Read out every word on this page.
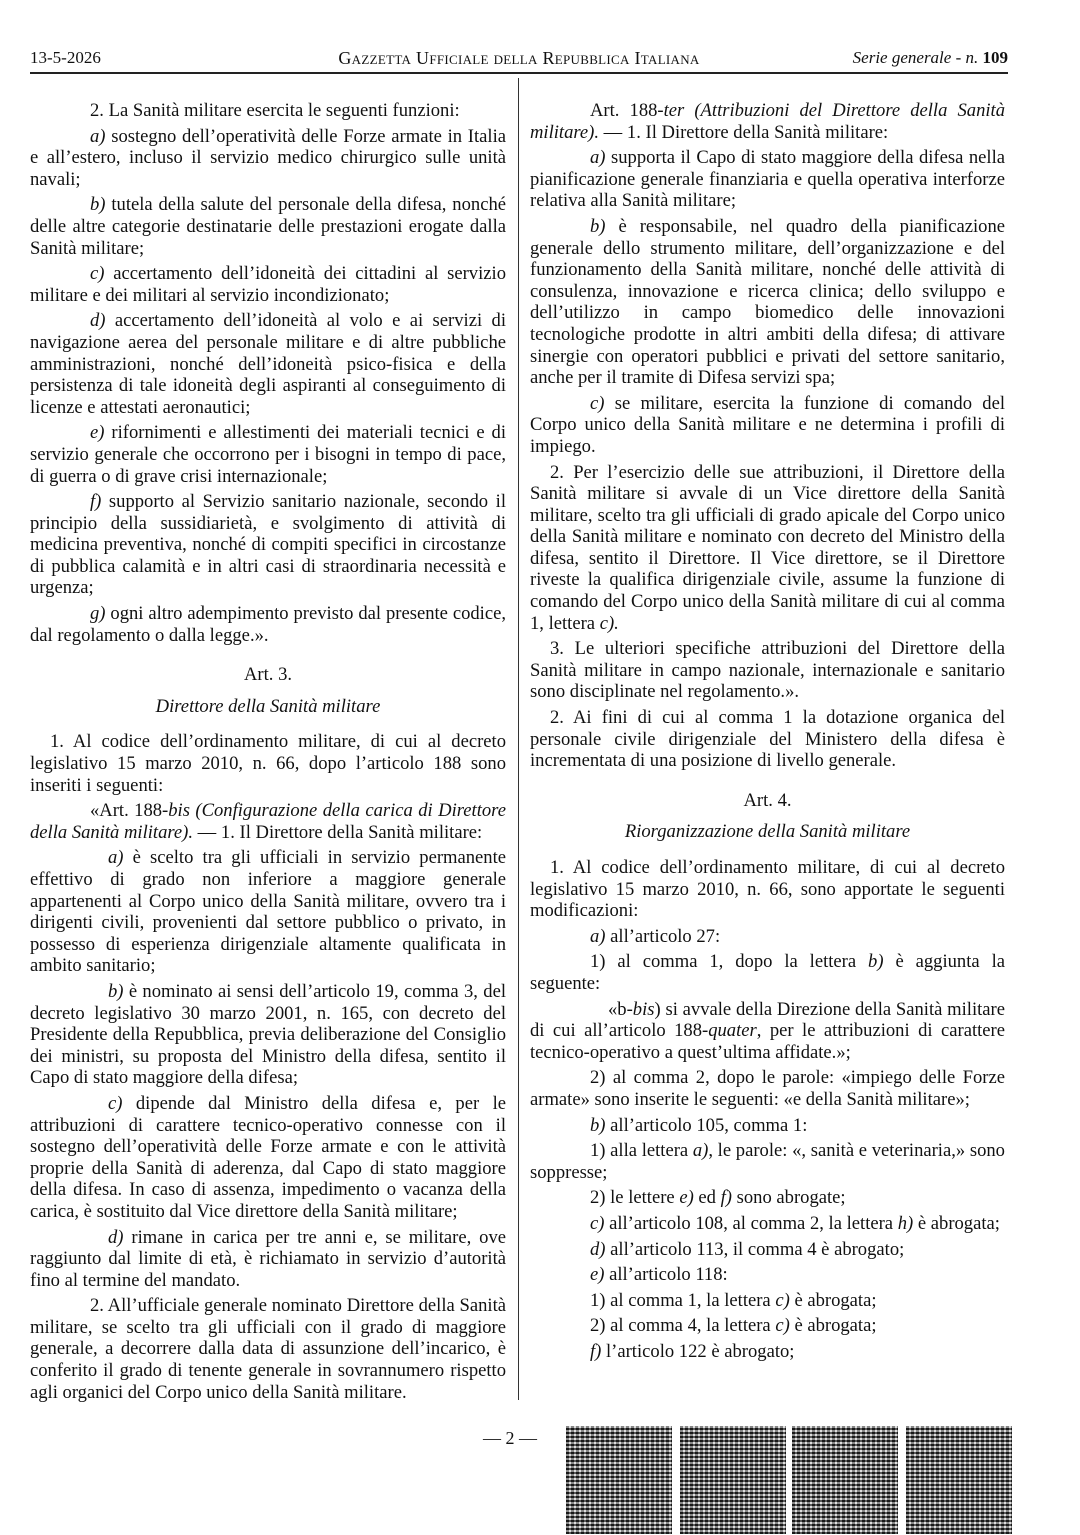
13-5-2026	Gazzetta Ufficiale della Repubblica Italiana	Serie generale - n. 109

2. La Sanità militare esercita le seguenti funzioni:

a) sostegno dell’operatività delle Forze armate in Italia e all’estero, incluso il servizio medico chirurgico sulle unità navali;

b) tutela della salute del personale della difesa, nonché delle altre categorie destinatarie delle prestazioni erogate dalla Sanità militare;

c) accertamento dell’idoneità dei cittadini al servizio militare e dei militari al servizio incondizionato;

d) accertamento dell’idoneità al volo e ai servizi di navigazione aerea del personale militare e di altre pubbliche amministrazioni, nonché dell’idoneità psico-fisica e della persistenza di tale idoneità degli aspiranti al conseguimento di licenze e attestati aeronautici;

e) rifornimenti e allestimenti dei materiali tecnici e di servizio generale che occorrono per i bisogni in tempo di pace, di guerra o di grave crisi internazionale;

f) supporto al Servizio sanitario nazionale, secondo il principio della sussidiarietà, e svolgimento di attività di medicina preventiva, nonché di compiti specifici in circostanze di pubblica calamità e in altri casi di straordinaria necessità e urgenza;

g) ogni altro adempimento previsto dal presente codice, dal regolamento o dalla legge.».

Art. 3.

Direttore della Sanità militare

1. Al codice dell’ordinamento militare, di cui al decreto legislativo 15 marzo 2010, n. 66, dopo l’articolo 188 sono inseriti i seguenti:

«Art. 188-bis (Configurazione della carica di Direttore della Sanità militare). — 1. Il Direttore della Sanità militare:

a) è scelto tra gli ufficiali in servizio permanente effettivo di grado non inferiore a maggiore generale appartenenti al Corpo unico della Sanità militare, ovvero tra i dirigenti civili, provenienti dal settore pubblico o privato, in possesso di esperienza dirigenziale altamente qualificata in ambito sanitario;

b) è nominato ai sensi dell’articolo 19, comma 3, del decreto legislativo 30 marzo 2001, n. 165, con decreto del Presidente della Repubblica, previa deliberazione del Consiglio dei ministri, su proposta del Ministro della difesa, sentito il Capo di stato maggiore della difesa;

c) dipende dal Ministro della difesa e, per le attribuzioni di carattere tecnico-operativo connesse con il sostegno dell’operatività delle Forze armate e con le attività proprie della Sanità di aderenza, dal Capo di stato maggiore della difesa. In caso di assenza, impedimento o vacanza della carica, è sostituito dal Vice direttore della Sanità militare;

d) rimane in carica per tre anni e, se militare, ove raggiunto dal limite di età, è richiamato in servizio d’autorità fino al termine del mandato.

2. All’ufficiale generale nominato Direttore della Sanità militare, se scelto tra gli ufficiali con il grado di maggiore generale, a decorrere dalla data di assunzione dell’incarico, è conferito il grado di tenente generale in sovrannumero rispetto agli organici del Corpo unico della Sanità militare.

Art. 188-ter (Attribuzioni del Direttore della Sanità militare). — 1. Il Direttore della Sanità militare:

a) supporta il Capo di stato maggiore della difesa nella pianificazione generale finanziaria e quella operativa interforze relativa alla Sanità militare;

b) è responsabile, nel quadro della pianificazione generale dello strumento militare, dell’organizzazione e del funzionamento della Sanità militare, nonché delle attività di consulenza, innovazione e ricerca clinica; dello sviluppo e dell’utilizzo in campo biomedico delle innovazioni tecnologiche prodotte in altri ambiti della difesa; di attivare sinergie con operatori pubblici e privati del settore sanitario, anche per il tramite di Difesa servizi spa;

c) se militare, esercita la funzione di comando del Corpo unico della Sanità militare e ne determina i profili di impiego.

2. Per l’esercizio delle sue attribuzioni, il Direttore della Sanità militare si avvale di un Vice direttore della Sanità militare, scelto tra gli ufficiali di grado apicale del Corpo unico della Sanità militare e nominato con decreto del Ministro della difesa, sentito il Direttore. Il Vice direttore, se il Direttore riveste la qualifica dirigenziale civile, assume la funzione di comando del Corpo unico della Sanità militare di cui al comma 1, lettera c).

3. Le ulteriori specifiche attribuzioni del Direttore della Sanità militare in campo nazionale, internazionale e sanitario sono disciplinate nel regolamento.».

2. Ai fini di cui al comma 1 la dotazione organica del personale civile dirigenziale del Ministero della difesa è incrementata di una posizione di livello generale.

Art. 4.

Riorganizzazione della Sanità militare

1. Al codice dell’ordinamento militare, di cui al decreto legislativo 15 marzo 2010, n. 66, sono apportate le seguenti modificazioni:

a) all’articolo 27:

1) al comma 1, dopo la lettera b) è aggiunta la seguente:

«b-bis) si avvale della Direzione della Sanità militare di cui all’articolo 188-quater, per le attribuzioni di carattere tecnico-operativo a quest’ultima affidate.»;

2) al comma 2, dopo le parole: «impiego delle Forze armate» sono inserite le seguenti: «e della Sanità militare»;

b) all’articolo 105, comma 1:

1) alla lettera a), le parole: «, sanità e veterinaria,» sono soppresse;

2) le lettere e) ed f) sono abrogate;

c) all’articolo 108, al comma 2, la lettera h) è abrogata;

d) all’articolo 113, il comma 4 è abrogato;

e) all’articolo 118:

1) al comma 1, la lettera c) è abrogata;

2) al comma 4, la lettera c) è abrogata;

f) l’articolo 122 è abrogato;

— 2 —
